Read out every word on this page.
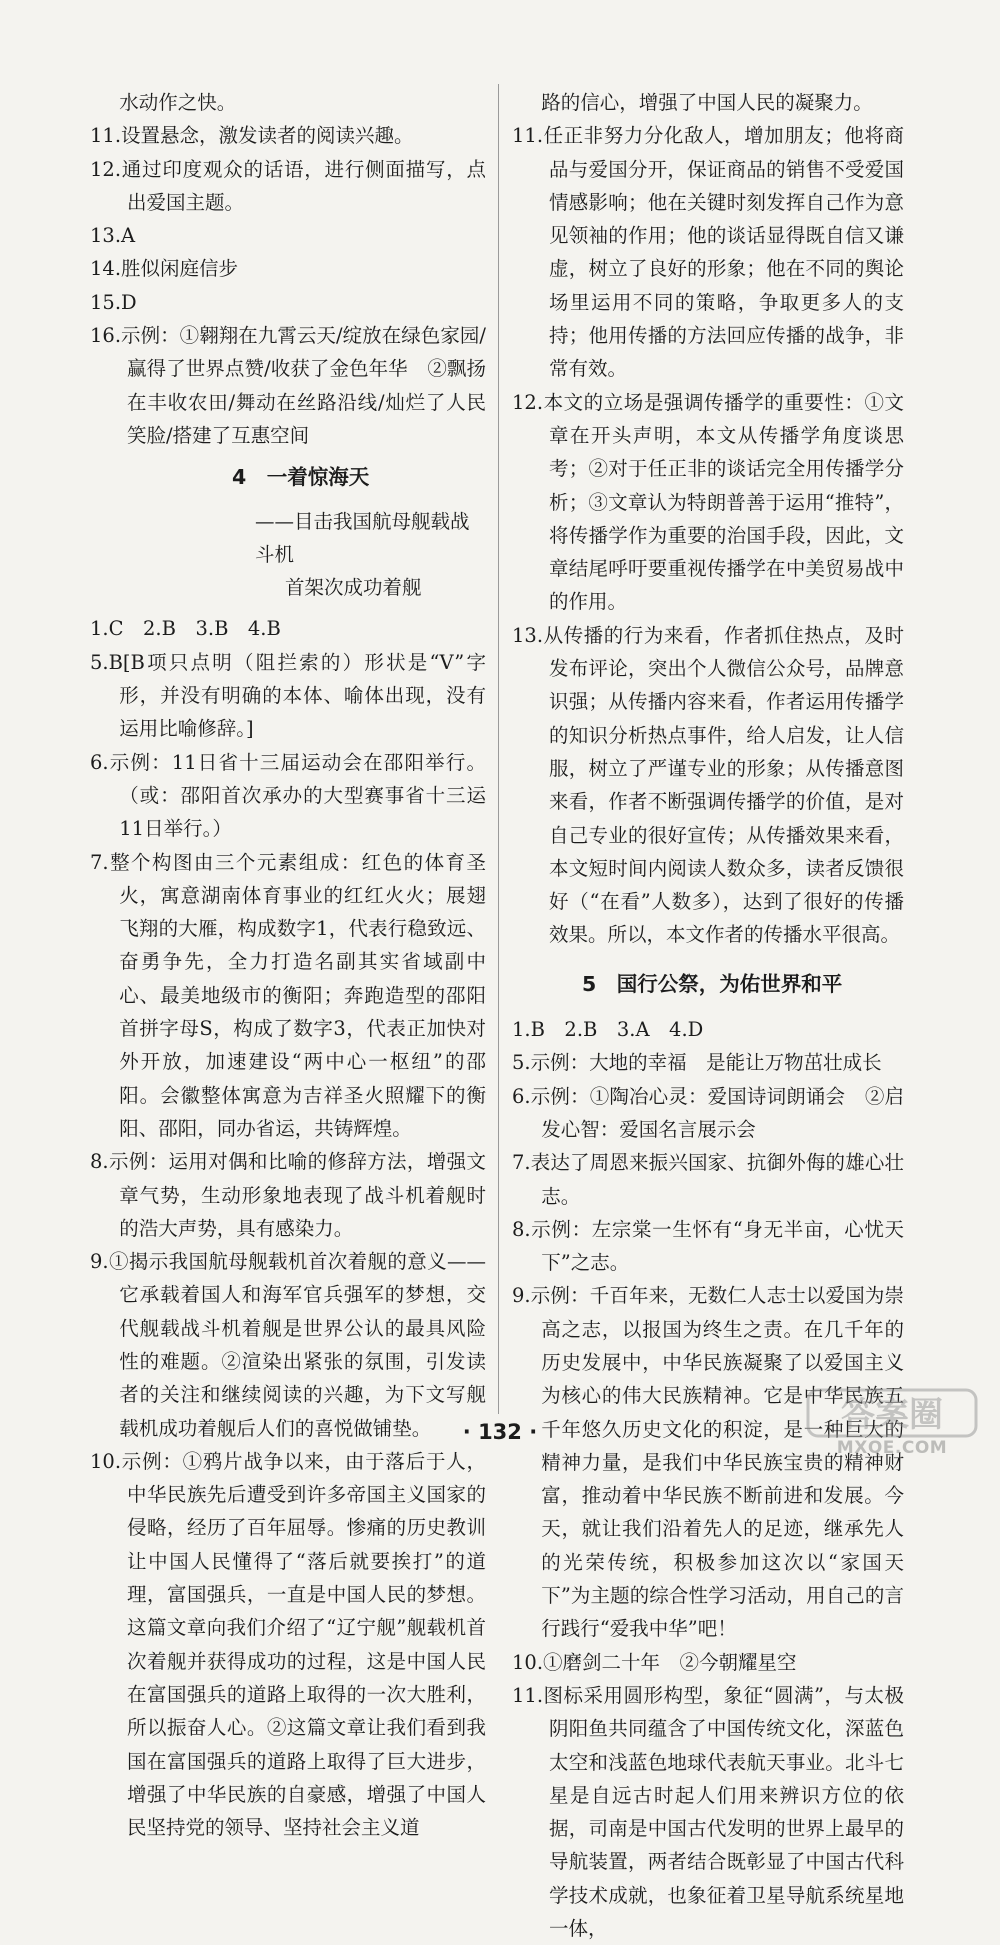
水动作之快。

11.设置悬念，激发读者的阅读兴趣。

12.通过印度观众的话语，进行侧面描写，点出爱国主题。

13.A

14.胜似闲庭信步

15.D

16.示例：①翱翔在九霄云天/绽放在绿色家园/赢得了世界点赞/收获了金色年华　②飘扬在丰收农田/舞动在丝路沿线/灿烂了人民笑脸/搭建了互惠空间

4　一着惊海天

——目击我国航母舰载战斗机

首架次成功着舰

1.C　2.B　3.B　4.B

5.B[B项只点明（阻拦索的）形状是“V”字形，并没有明确的本体、喻体出现，没有运用比喻修辞。]

6.示例：11日省十三届运动会在邵阳举行。（或：邵阳首次承办的大型赛事省十三运11日举行。）

7.整个构图由三个元素组成：红色的体育圣火，寓意湖南体育事业的红红火火；展翅飞翔的大雁，构成数字1，代表行稳致远、奋勇争先，全力打造名副其实省域副中心、最美地级市的衡阳；奔跑造型的邵阳首拼字母S，构成了数字3，代表正加快对外开放，加速建设“两中心一枢纽”的邵阳。会徽整体寓意为吉祥圣火照耀下的衡阳、邵阳，同办省运，共铸辉煌。

8.示例：运用对偶和比喻的修辞方法，增强文章气势，生动形象地表现了战斗机着舰时的浩大声势，具有感染力。

9.①揭示我国航母舰载机首次着舰的意义——它承载着国人和海军官兵强军的梦想，交代舰载战斗机着舰是世界公认的最具风险性的难题。②渲染出紧张的氛围，引发读者的关注和继续阅读的兴趣，为下文写舰载机成功着舰后人们的喜悦做铺垫。

10.示例：①鸦片战争以来，由于落后于人，中华民族先后遭受到许多帝国主义国家的侵略，经历了百年屈辱。惨痛的历史教训让中国人民懂得了“落后就要挨打”的道理，富国强兵，一直是中国人民的梦想。这篇文章向我们介绍了“辽宁舰”舰载机首次着舰并获得成功的过程，这是中国人民在富国强兵的道路上取得的一次大胜利，所以振奋人心。②这篇文章让我们看到我国在富国强兵的道路上取得了巨大进步，增强了中华民族的自豪感，增强了中国人民坚持党的领导、坚持社会主义道

路的信心，增强了中国人民的凝聚力。

11.任正非努力分化敌人，增加朋友；他将商品与爱国分开，保证商品的销售不受爱国情感影响；他在关键时刻发挥自己作为意见领袖的作用；他的谈话显得既自信又谦虚，树立了良好的形象；他在不同的舆论场里运用不同的策略，争取更多人的支持；他用传播的方法回应传播的战争，非常有效。

12.本文的立场是强调传播学的重要性：①文章在开头声明，本文从传播学角度谈思考；②对于任正非的谈话完全用传播学分析；③文章认为特朗普善于运用“推特”，将传播学作为重要的治国手段，因此，文章结尾呼吁要重视传播学在中美贸易战中的作用。

13.从传播的行为来看，作者抓住热点，及时发布评论，突出个人微信公众号，品牌意识强；从传播内容来看，作者运用传播学的知识分析热点事件，给人启发，让人信服，树立了严谨专业的形象；从传播意图来看，作者不断强调传播学的价值，是对自己专业的很好宣传；从传播效果来看，本文短时间内阅读人数众多，读者反馈很好（“在看”人数多），达到了很好的传播效果。所以，本文作者的传播水平很高。

5　国行公祭，为佑世界和平

1.B　2.B　3.A　4.D

5.示例：大地的幸福　是能让万物茁壮成长

6.示例：①陶冶心灵：爱国诗词朗诵会　②启发心智：爱国名言展示会

7.表达了周恩来振兴国家、抗御外侮的雄心壮志。

8.示例：左宗棠一生怀有“身无半亩，心忧天下”之志。

9.示例：千百年来，无数仁人志士以爱国为崇高之志，以报国为终生之责。在几千年的历史发展中，中华民族凝聚了以爱国主义为核心的伟大民族精神。它是中华民族五千年悠久历史文化的积淀，是一种巨大的精神力量，是我们中华民族宝贵的精神财富，推动着中华民族不断前进和发展。今天，就让我们沿着先人的足迹，继承先人的光荣传统，积极参加这次以“家国天下”为主题的综合性学习活动，用自己的言行践行“爱我中华”吧！

10.①磨剑二十年　②今朝耀星空

11.图标采用圆形构型，象征“圆满”，与太极阴阳鱼共同蕴含了中国传统文化，深蓝色太空和浅蓝色地球代表航天事业。北斗七星是自远古时起人们用来辨识方位的依据，司南是中国古代发明的世界上最早的导航装置，两者结合既彰显了中国古代科学技术成就，也象征着卫星导航系统星地一体，

· 132 ·	答案圈
MXQE.COM
